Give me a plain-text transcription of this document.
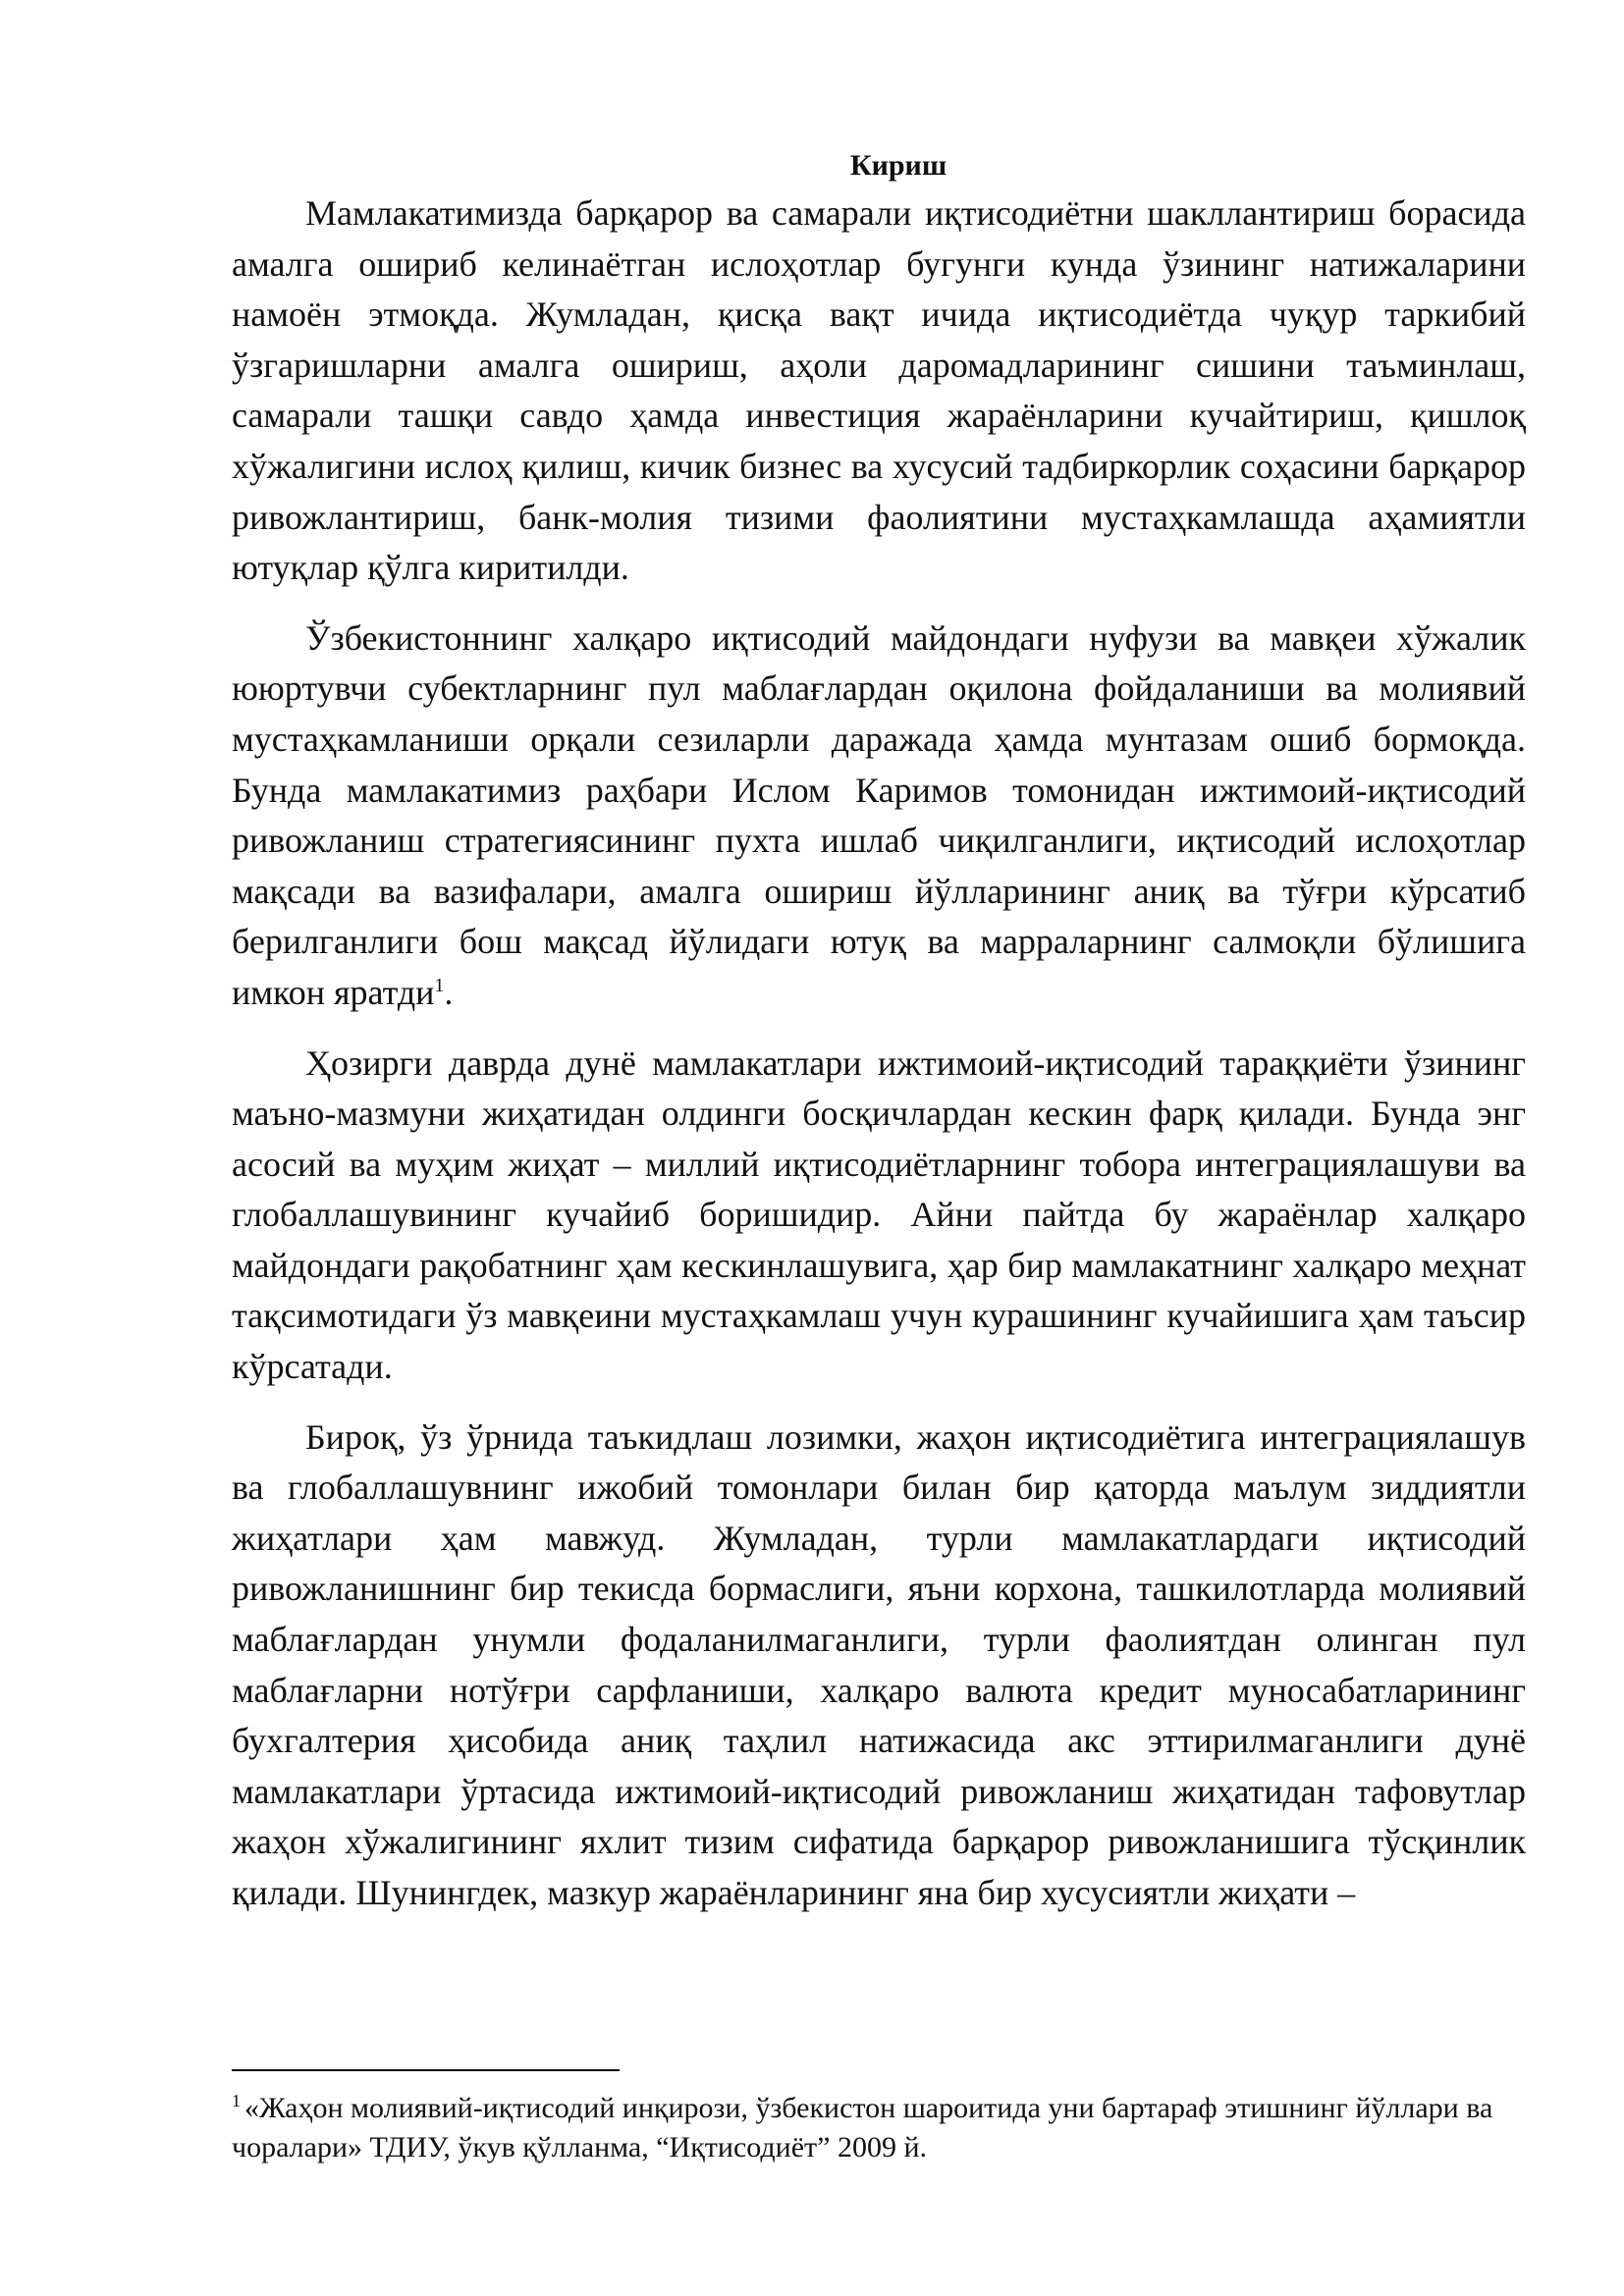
Кириш

Мамлакатимизда барқарор ва самарали иқтисодиётни шакллантириш борасида амалга ошириб келинаётган ислоҳотлар бугунги кунда ўзининг натижаларини намоён этмоқда. Жумладан, қисқа вақт ичида иқтисодиётда чуқур таркибий ўзгаришларни амалга ошириш, аҳоли даромадларининг сишини таъминлаш, самарали ташқи савдо ҳамда инвестиция жараёнларини кучайтириш, қишлоқ хўжалигини ислоҳ қилиш, кичик бизнес ва хусусий тадбиркорлик соҳасини барқарор ривожлантириш, банк-молия тизими фаолиятини мустаҳкамлашда аҳамиятли ютуқлар қўлга киритилди.

Ўзбекистоннинг халқаро иқтисодий майдондаги нуфузи ва мавқеи хўжалик ююртувчи субектларнинг пул маблағлардан оқилона фойдаланиши ва молиявий мустаҳкамланиши орқали сезиларли даражада ҳамда мунтазам ошиб бормоқда. Бунда мамлакатимиз раҳбари Ислом Каримов томонидан ижтимоий-иқтисодий ривожланиш стратегиясининг пухта ишлаб чиқилганлиги, иқтисодий ислоҳотлар мақсади ва вазифалари, амалга ошириш йўлларининг аниқ ва тўғри кўрсатиб берилганлиги бош мақсад йўлидаги ютуқ ва марраларнинг салмоқли бўлишига имкон яратди$^1$.

Ҳозирги даврда дунё мамлакатлари ижтимоий-иқтисодий тараққиёти ўзининг маъно-мазмуни жиҳатидан олдинги босқичлардан кескин фарқ қилади. Бунда энг асосий ва муҳим жиҳат – миллий иқтисодиётларнинг тобора интеграциялашуви ва глобаллашувининг кучайиб боришидир. Айни пайтда бу жараёнлар халқаро майдондаги рақобатнинг ҳам кескинлашувига, ҳар бир мамлакатнинг халқаро меҳнат тақсимотидаги ўз мавқеини мустаҳкамлаш учун курашининг кучайишига ҳам таъсир кўрсатади.

Бироқ, ўз ўрнида таъкидлаш лозимки, жаҳон иқтисодиётига интеграциялашув ва глобаллашувнинг ижобий томонлари билан бир қаторда маълум зиддиятли жиҳатлари ҳам мавжуд. Жумладан, турли мамлакатлардаги иқтисодий ривожланишнинг бир текисда бормаслиги, яъни корхона, ташкилотларда молиявий маблағлардан унумли фодаланилмаганлиги, турли фаолиятдан олинган пул маблағларни нотўғри сарфланиши, халқаро валюта кредит муносабатларининг бухгалтерия ҳисобида аниқ таҳлил натижасида акс эттирилмаганлиги дунё мамлакатлари ўртасида ижтимоий-иқтисодий ривожланиш жиҳатидан тафовутлар жаҳон хўжалигининг яхлит тизим сифатида барқарор ривожланишига тўсқинлик қилади. Шунингдек, мазкур жараёнларининг яна бир хусусиятли жиҳати –

$^1$ «Жаҳон молиявий-иқтисодий инқирози, ўзбекистон шароитида уни бартараф этишнинг йўллари ва чоралари» ТДИУ, ўкув қўлланма, “Иқтисодиёт” 2009 й.
